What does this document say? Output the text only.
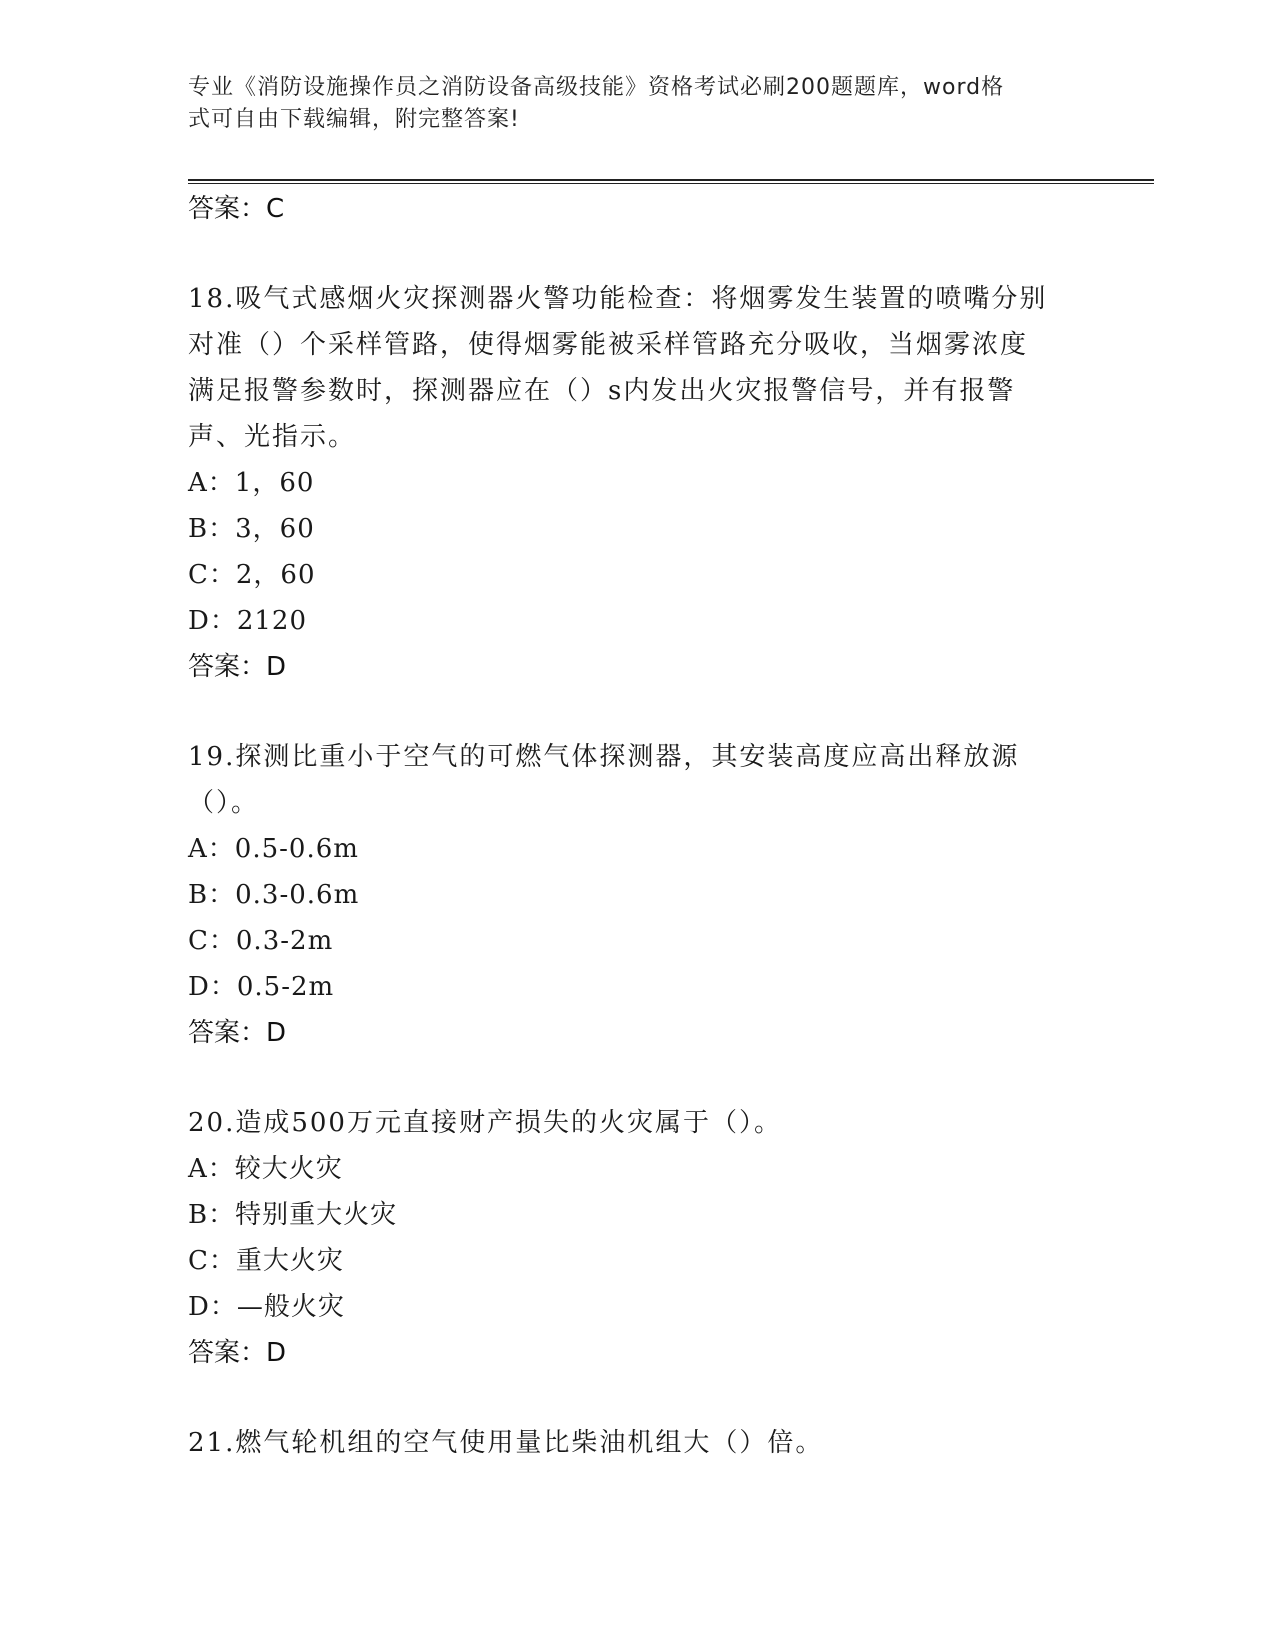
专业《消防设施操作员之消防设备高级技能》资格考试必刷200题题库，word格
式可自由下载编辑，附完整答案!
答案：C
18.吸气式感烟火灾探测器火警功能检查：将烟雾发生装置的喷嘴分别对准（）个采样管路，使得烟雾能被采样管路充分吸收，当烟雾浓度满足报警参数时，探测器应在（）s内发出火灾报警信号，并有报警声、光指示。
A：1，60
B：3，60
C：2，60
D：2120
答案：D
19.探测比重小于空气的可燃气体探测器，其安装高度应高出释放源（）。
A：0.5-0.6m
B：0.3-0.6m
C：0.3-2m
D：0.5-2m
答案：D
20.造成500万元直接财产损失的火灾属于（）。
A：较大火灾
B：特别重大火灾
C：重大火灾
D：—般火灾
答案：D
21.燃气轮机组的空气使用量比柴油机组大（）倍。
